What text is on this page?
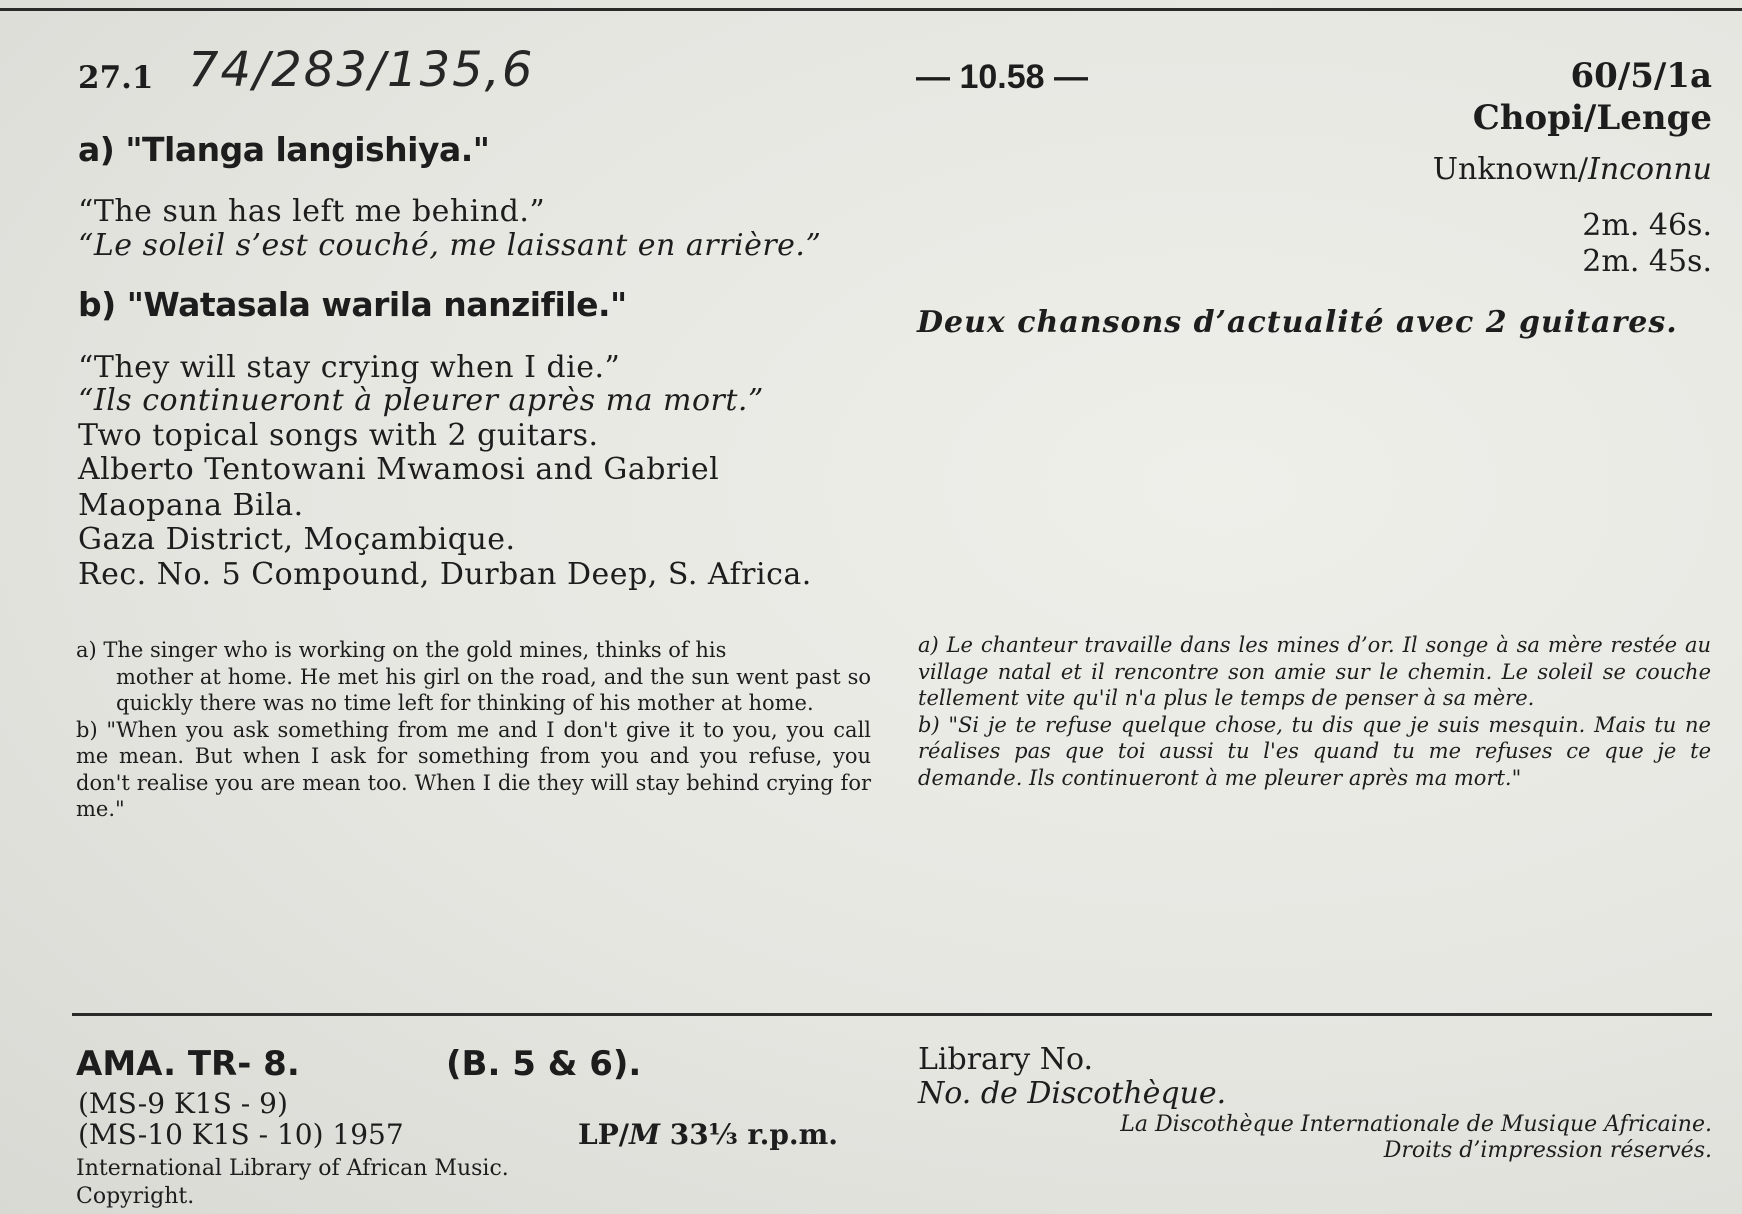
27.1 74/283/135,6	— 10.58 —	60/5/1a
Chopi/Lenge
Unknown/Inconnu
2m. 46s.
2m. 45s.
a) "Tlanga langishiya."
“The sun has left me behind.”
“Le soleil s’est couché, me laissant en arrière.”
b) "Watasala warila nanzifile."
“They will stay crying when I die.”
“Ils continueront à pleurer après ma mort.”
Two topical songs with 2 guitars.
Alberto Tentowani Mwamosi and Gabriel
Maopana Bila.
Gaza District, Moçambique.
Rec. No. 5 Compound, Durban Deep, S. Africa.
Deux chansons d’actualité avec 2 guitares.

a) The singer who is working on the gold mines, thinks of his

mother at home. He met his girl on the road, and the sun went past so quickly there was no time left for thinking of his mother at home.

b) "When you ask something from me and I don't give it to you, you call me mean. But when I ask for something from you and you refuse, you don't realise you are mean too. When I die they will stay behind crying for me."

a) Le chanteur travaille dans les mines d’or. Il songe à sa mère restée au village natal et il rencontre son amie sur le chemin. Le soleil se couche tellement vite qu'il n'a plus le temps de penser à sa mère.

b) "Si je te refuse quelque chose, tu dis que je suis mesquin. Mais tu ne réalises pas que toi aussi tu l'es quand tu me refuses ce que je te demande. Ils continueront à me pleurer après ma mort."

AMA. TR- 8.	(B. 5 & 6).
(MS-9 K1S - 9)
(MS-10 K1S - 10) 1957	LP/M 33⅓ r.p.m.
International Library of African Music.
Copyright.
Library No.
No. de Discothèque.
La Discothèque Internationale de Musique Africaine.
Droits d’impression réservés.
